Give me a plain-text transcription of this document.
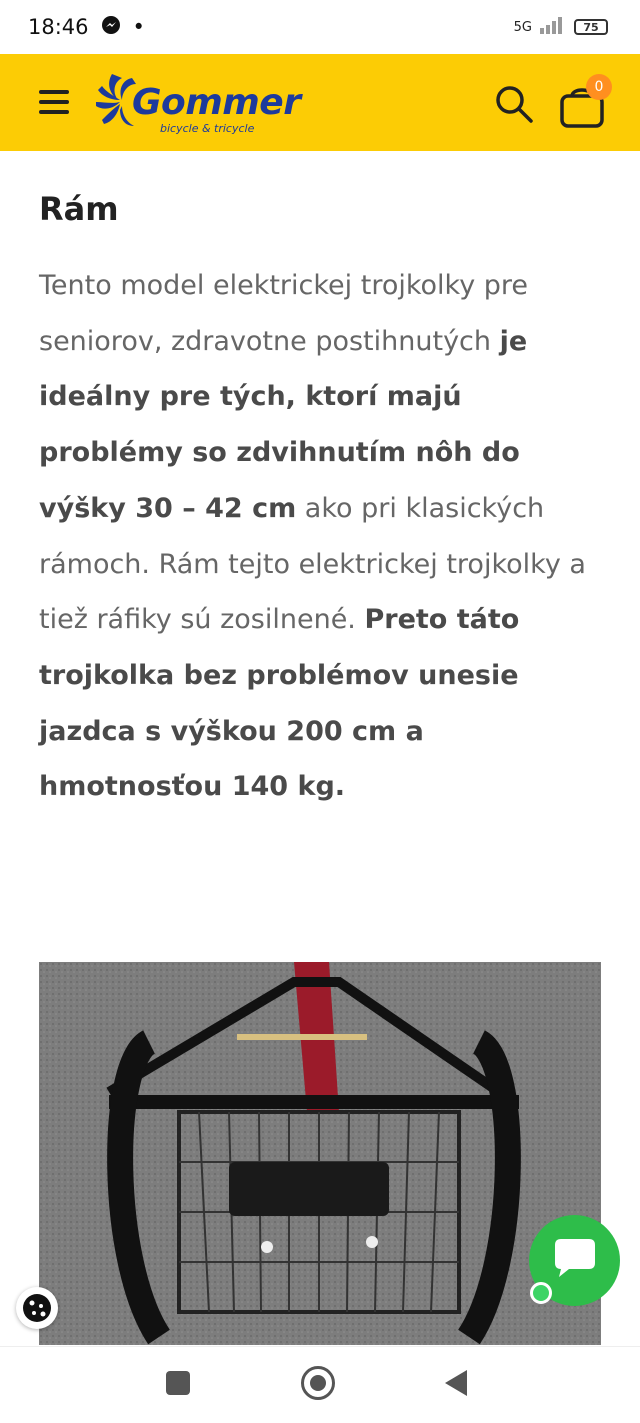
18:46 •	5G	75
Gommer
bicycle & tricycle
0
Rám
Tento model elektrickej trojkolky pre seniorov, zdravotne postihnutých je ideálny pre tých, ktorí majú problémy so zdvihnutím nôh do výšky 30 – 42 cm ako pri klasických rámoch. Rám tejto elektrickej trojkolky a tiež ráfiky sú zosilnené. Preto táto trojkolka bez problémov unesie jazdca s výškou 200 cm a hmotnosťou 140 kg.
